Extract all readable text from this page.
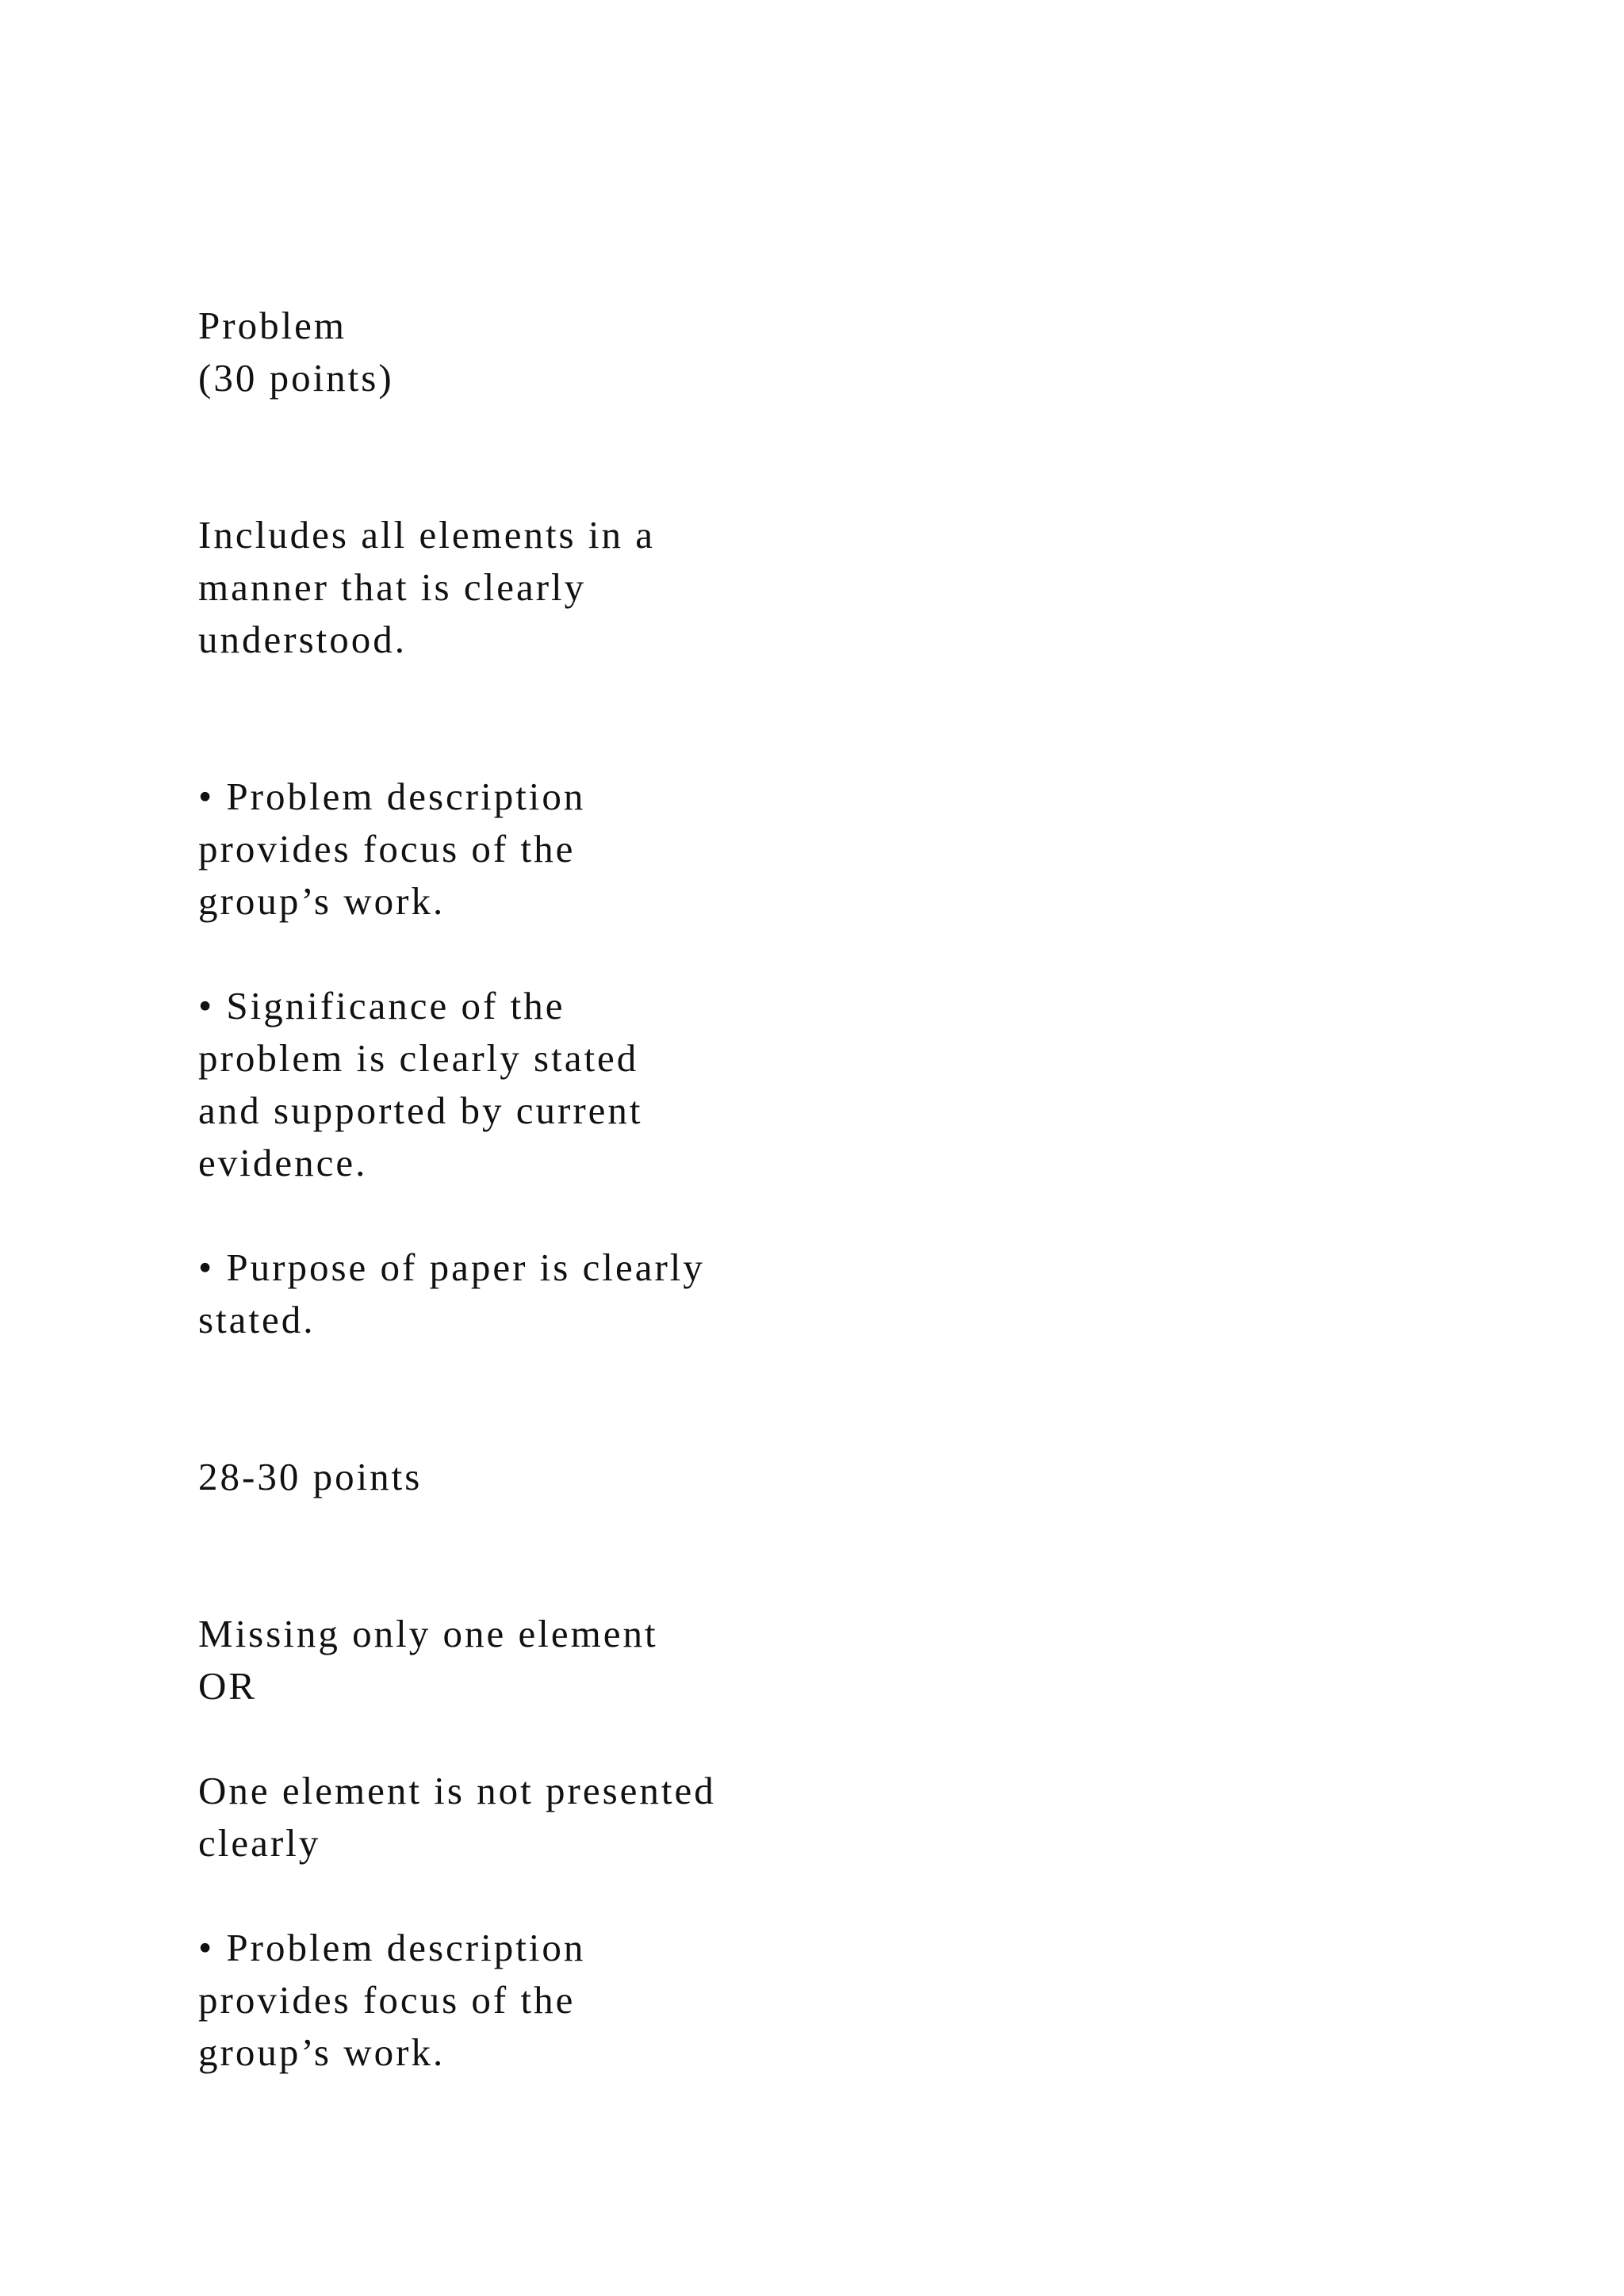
Problem
(30 points)
Includes all elements in a
manner that is clearly
understood.
• Problem description
provides focus of the
group’s work.
• Significance of the
problem is clearly stated
and supported by current
evidence.
• Purpose of paper is clearly
stated.
28-30 points
Missing only one element
OR
One element is not presented
clearly
• Problem description
provides focus of the
group’s work.
